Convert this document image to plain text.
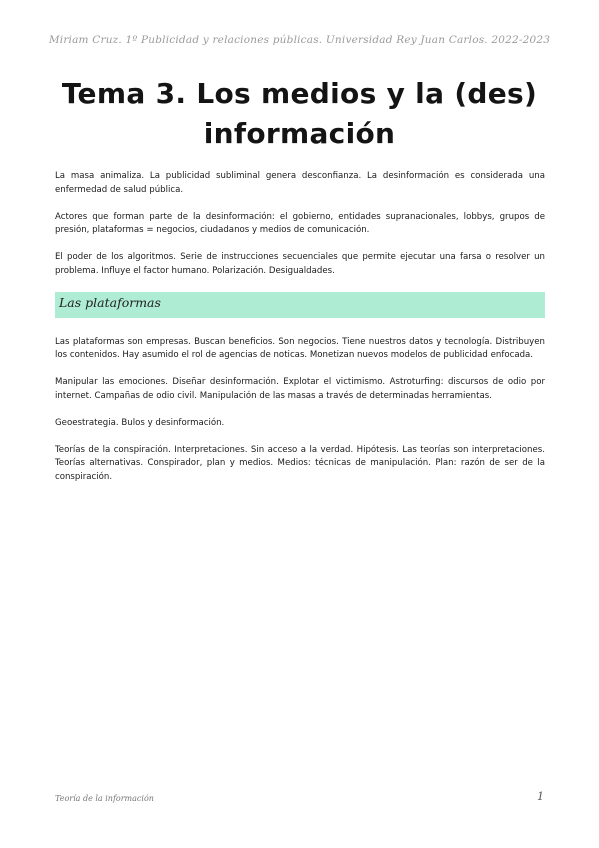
Miriam Cruz. 1º Publicidad y relaciones públicas. Universidad Rey Juan Carlos. 2022-2023
Tema 3. Los medios y la (des)
información

La masa animaliza. La publicidad subliminal genera desconfianza. La desinformación es considerada una enfermedad de salud pública.

Actores que forman parte de la desinformación: el gobierno, entidades supranacionales, lobbys, grupos de presión, plataformas = negocios, ciudadanos y medios de comunicación.

El poder de los algoritmos. Serie de instrucciones secuenciales que permite ejecutar una farsa o resolver un problema. Influye el factor humano. Polarización. Desigualdades.

Las plataformas

Las plataformas son empresas. Buscan beneficios. Son negocios. Tiene nuestros datos y tecnología. Distribuyen los contenidos. Hay asumido el rol de agencias de noticas. Monetizan nuevos modelos de publicidad enfocada.

Manipular las emociones. Diseñar desinformación. Explotar el victimismo. Astroturfing: discursos de odio por internet. Campañas de odio civil. Manipulación de las masas a través de determinadas herramientas.

Geoestrategia. Bulos y desinformación.

Teorías de la conspiración. Interpretaciones. Sin acceso a la verdad. Hipótesis. Las teorías son interpretaciones. Teorías alternativas. Conspirador, plan y medios. Medios: técnicas de manipulación. Plan: razón de ser de la conspiración.

Teoría de la información	1
